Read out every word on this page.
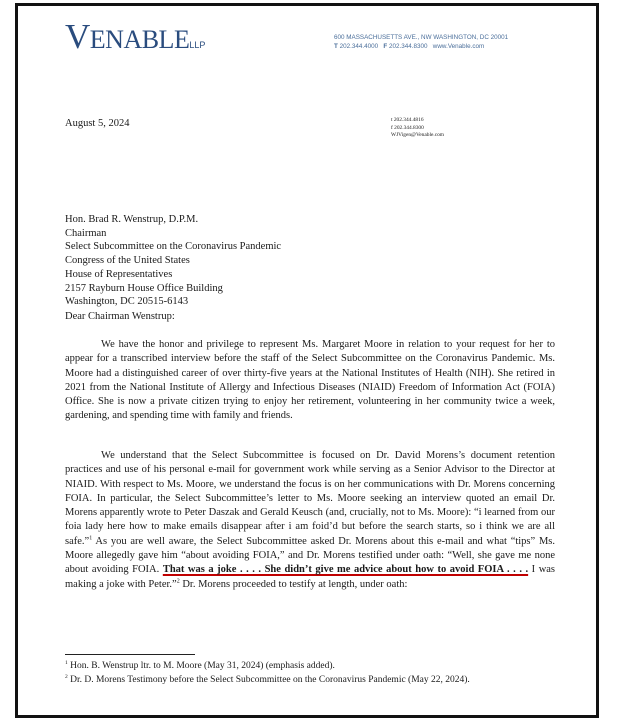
VENABLELLP
600 MASSACHUSETTS AVE., NW WASHINGTON, DC 20001
T 202.344.4000 F 202.344.8300 www.Venable.com
August 5, 2024	t 202.344.4816
f 202.344.8300
WJVigen@Venable.com
Hon. Brad R. Wenstrup, D.P.M.
Chairman
Select Subcommittee on the Coronavirus Pandemic
Congress of the United States
House of Representatives
2157 Rayburn House Office Building
Washington, DC 20515-6143
Dear Chairman Wenstrup:

We have the honor and privilege to represent Ms. Margaret Moore in relation to your request for her to appear for a transcribed interview before the staff of the Select Subcommittee on the Coronavirus Pandemic. Ms. Moore had a distinguished career of over thirty-five years at the National Institutes of Health (NIH). She retired in 2021 from the National Institute of Allergy and Infectious Diseases (NIAID) Freedom of Information Act (FOIA) Office. She is now a private citizen trying to enjoy her retirement, volunteering in her community twice a week, gardening, and spending time with family and friends.

We understand that the Select Subcommittee is focused on Dr. David Morens’s document retention practices and use of his personal e-mail for government work while serving as a Senior Advisor to the Director at NIAID. With respect to Ms. Moore, we understand the focus is on her communications with Dr. Morens concerning FOIA. In particular, the Select Subcommittee’s letter to Ms. Moore seeking an interview quoted an email Dr. Morens apparently wrote to Peter Daszak and Gerald Keusch (and, crucially, not to Ms. Moore): “i learned from our foia lady here how to make emails disappear after i am foid’d but before the search starts, so i think we are all safe.”$^1$ As you are well aware, the Select Subcommittee asked Dr. Morens about this e-mail and what “tips” Ms. Moore allegedly gave him “about avoiding FOIA,” and Dr. Morens testified under oath: “Well, she gave me none about avoiding FOIA. That was a joke . . . . She didn’t give me advice about how to avoid FOIA . . . . I was making a joke with Peter.”$^2$ Dr. Morens proceeded to testify at length, under oath:

$^1$ Hon. B. Wenstrup ltr. to M. Moore (May 31, 2024) (emphasis added).

$^2$ Dr. D. Morens Testimony before the Select Subcommittee on the Coronavirus Pandemic (May 22, 2024).
